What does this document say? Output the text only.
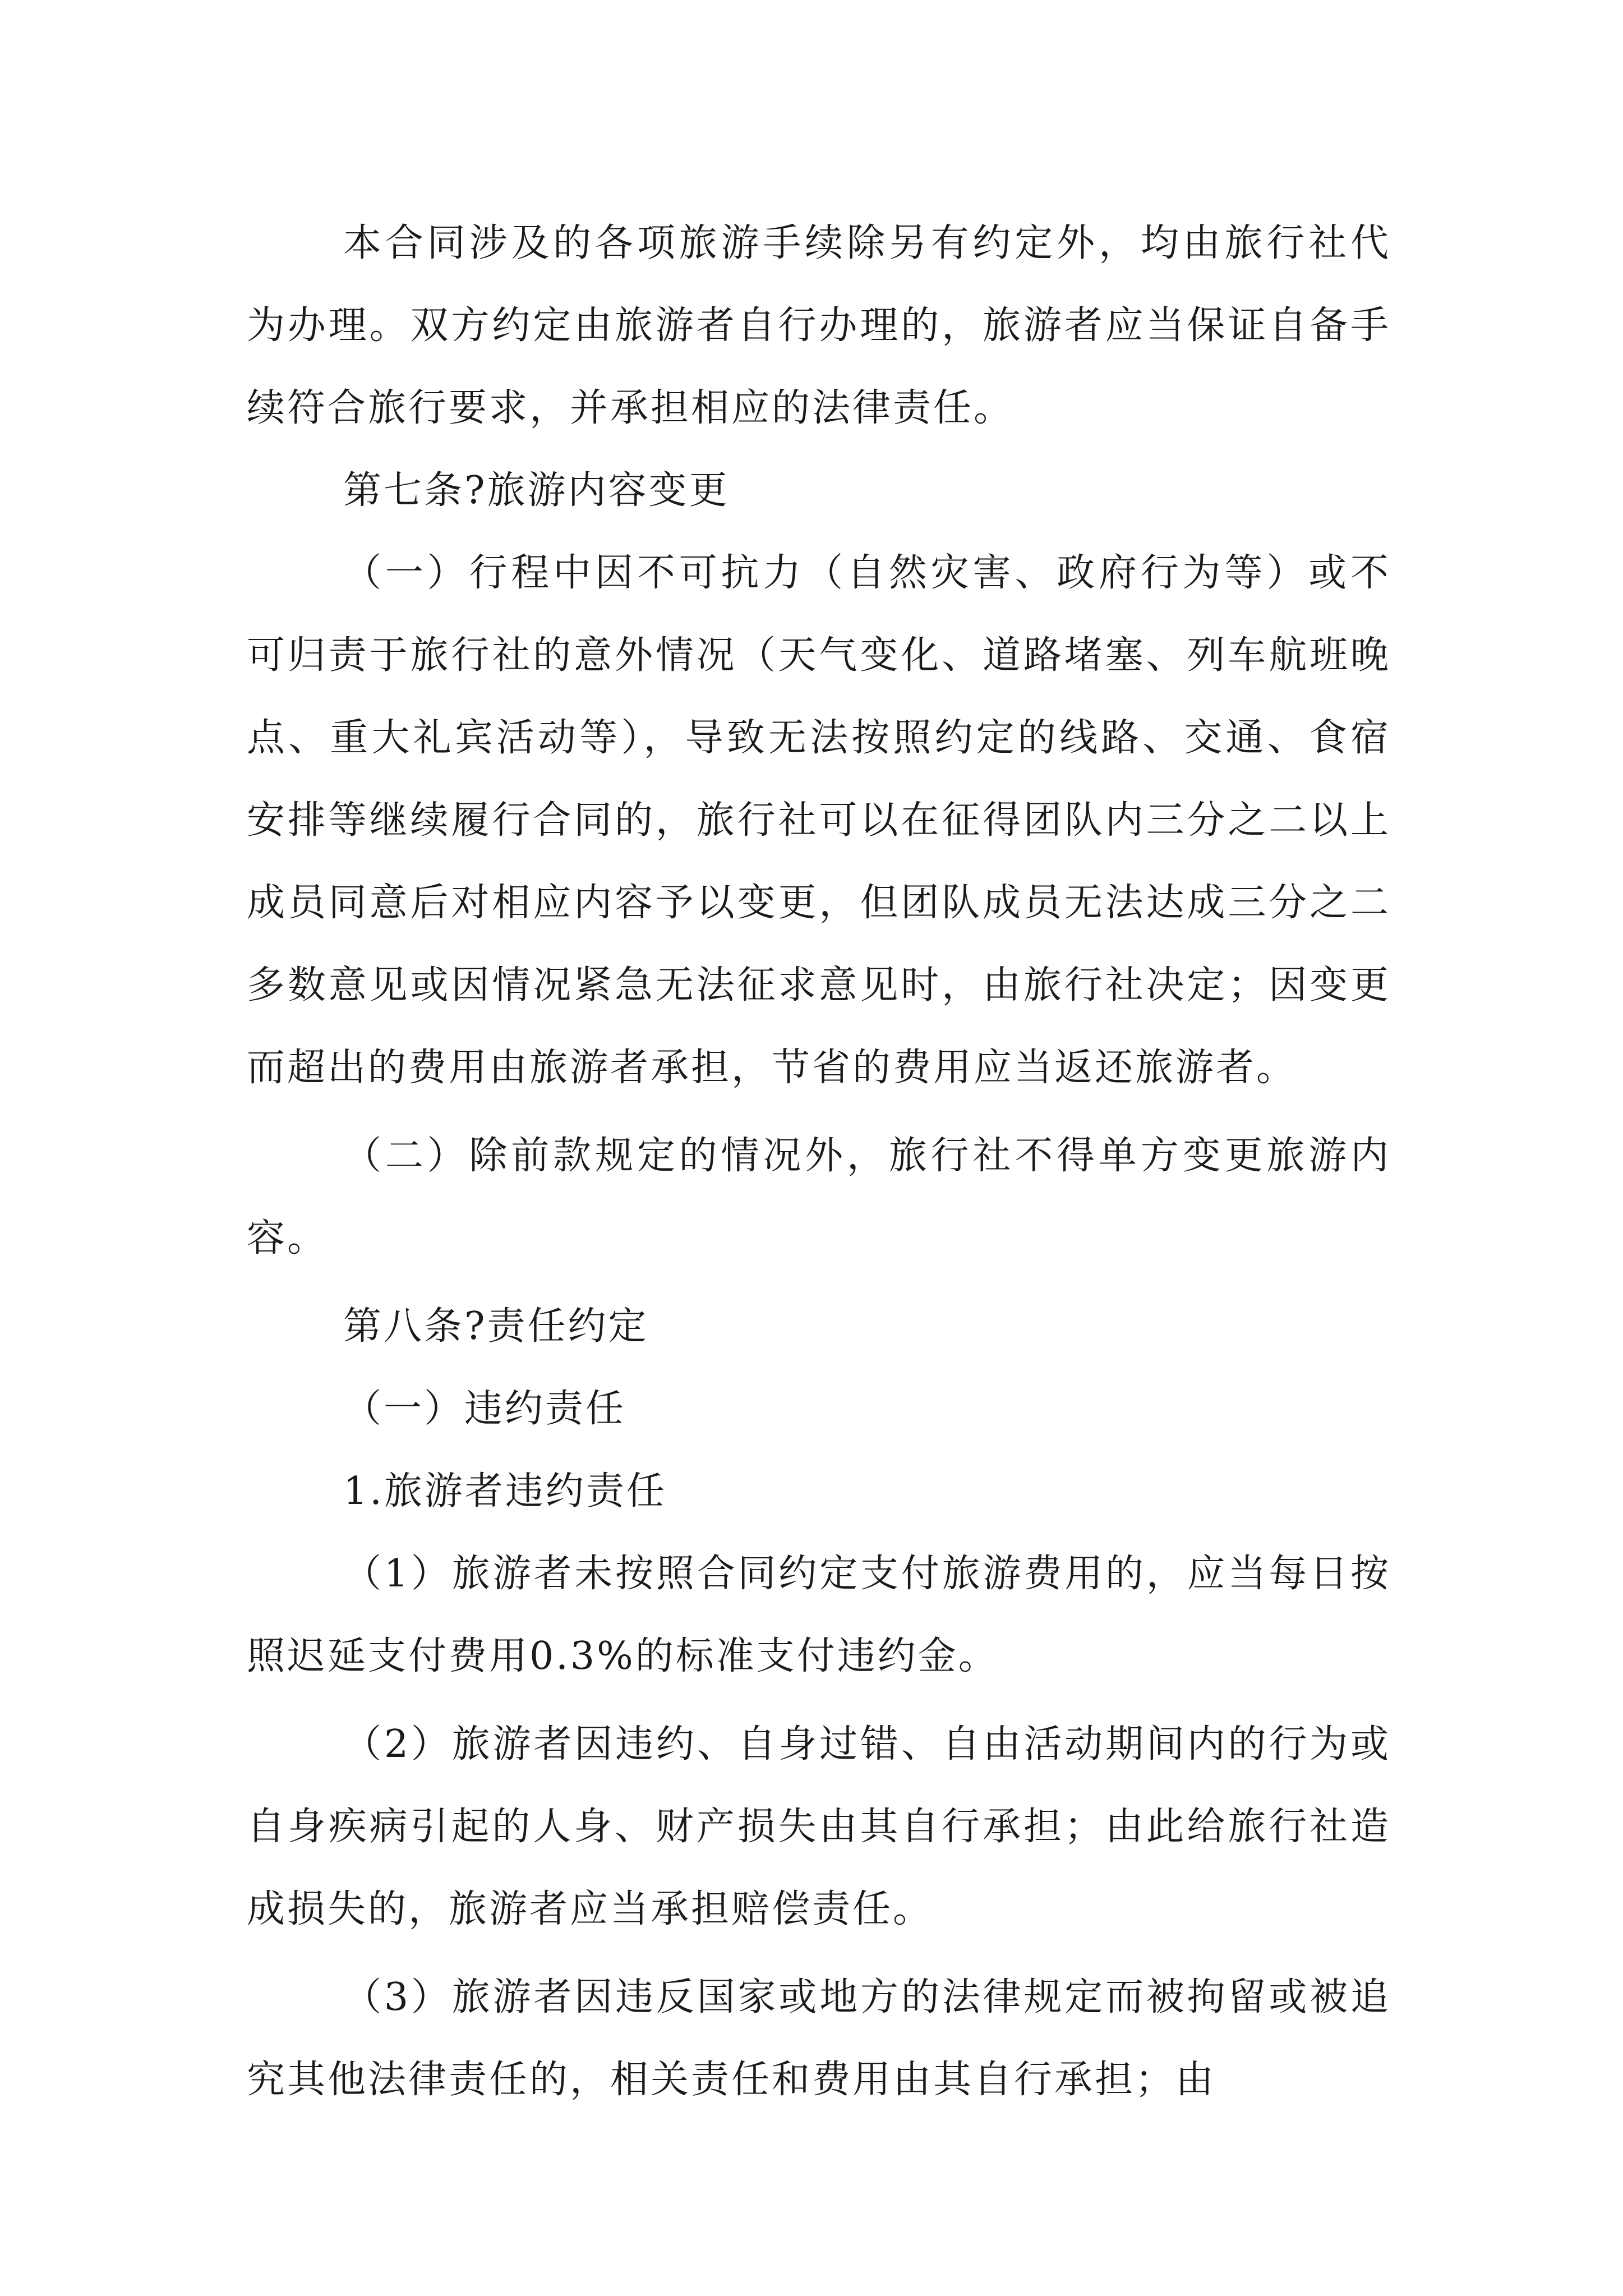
本合同涉及的各项旅游手续除另有约定外，均由旅行社代为办理。双方约定由旅游者自行办理的，旅游者应当保证自备手续符合旅行要求，并承担相应的法律责任。

第七条?旅游内容变更

（一）行程中因不可抗力（自然灾害、政府行为等）或不可归责于旅行社的意外情况（天气变化、道路堵塞、列车航班晚点、重大礼宾活动等），导致无法按照约定的线路、交通、食宿安排等继续履行合同的，旅行社可以在征得团队内三分之二以上成员同意后对相应内容予以变更，但团队成员无法达成三分之二多数意见或因情况紧急无法征求意见时，由旅行社决定；因变更而超出的费用由旅游者承担，节省的费用应当返还旅游者。

（二）除前款规定的情况外，旅行社不得单方变更旅游内容。

第八条?责任约定

（一）违约责任

1.旅游者违约责任

（1）旅游者未按照合同约定支付旅游费用的，应当每日按照迟延支付费用0.3%的标准支付违约金。

（2）旅游者因违约、自身过错、自由活动期间内的行为或自身疾病引起的人身、财产损失由其自行承担；由此给旅行社造成损失的，旅游者应当承担赔偿责任。

（3）旅游者因违反国家或地方的法律规定而被拘留或被追究其他法律责任的，相关责任和费用由其自行承担；由
